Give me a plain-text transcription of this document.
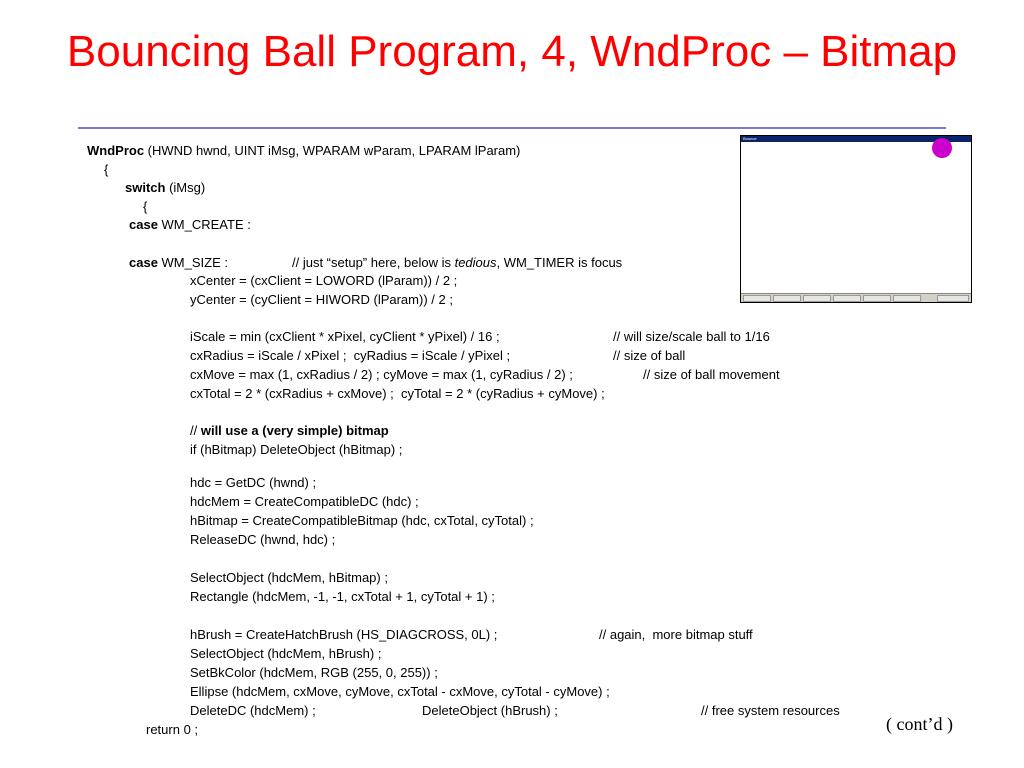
Bouncing Ball Program, 4, WndProc – Bitmap
WndProc (HWND hwnd, UINT iMsg, WPARAM wParam, LPARAM lParam)
{
switch (iMsg)
{
case WM_CREATE :
case WM_SIZE :	// just “setup” here, below is tedious, WM_TIMER is focus
xCenter = (cxClient = LOWORD (lParam)) / 2 ;
yCenter = (cyClient = HIWORD (lParam)) / 2 ;
iScale = min (cxClient * xPixel, cyClient * yPixel) / 16 ;	// will size/scale ball to 1/16
cxRadius = iScale / xPixel ;  cyRadius = iScale / yPixel ;	// size of ball
cxMove = max (1, cxRadius / 2) ; cyMove = max (1, cyRadius / 2) ;	// size of ball movement
cxTotal = 2 * (cxRadius + cxMove) ;  cyTotal = 2 * (cyRadius + cyMove) ;
// will use a (very simple) bitmap
if (hBitmap) DeleteObject (hBitmap) ;
hdc = GetDC (hwnd) ;
hdcMem = CreateCompatibleDC (hdc) ;
hBitmap = CreateCompatibleBitmap (hdc, cxTotal, cyTotal) ;
ReleaseDC (hwnd, hdc) ;
SelectObject (hdcMem, hBitmap) ;
Rectangle (hdcMem, -1, -1, cxTotal + 1, cyTotal + 1) ;
hBrush = CreateHatchBrush (HS_DIAGCROSS, 0L) ;	// again,  more bitmap stuff
SelectObject (hdcMem, hBrush) ;
SetBkColor (hdcMem, RGB (255, 0, 255)) ;
Ellipse (hdcMem, cxMove, cyMove, cxTotal - cxMove, cyTotal - cyMove) ;
DeleteDC (hdcMem) ;	DeleteObject (hBrush) ;	// free system resources
return 0 ;	( cont’d )
Bounce
